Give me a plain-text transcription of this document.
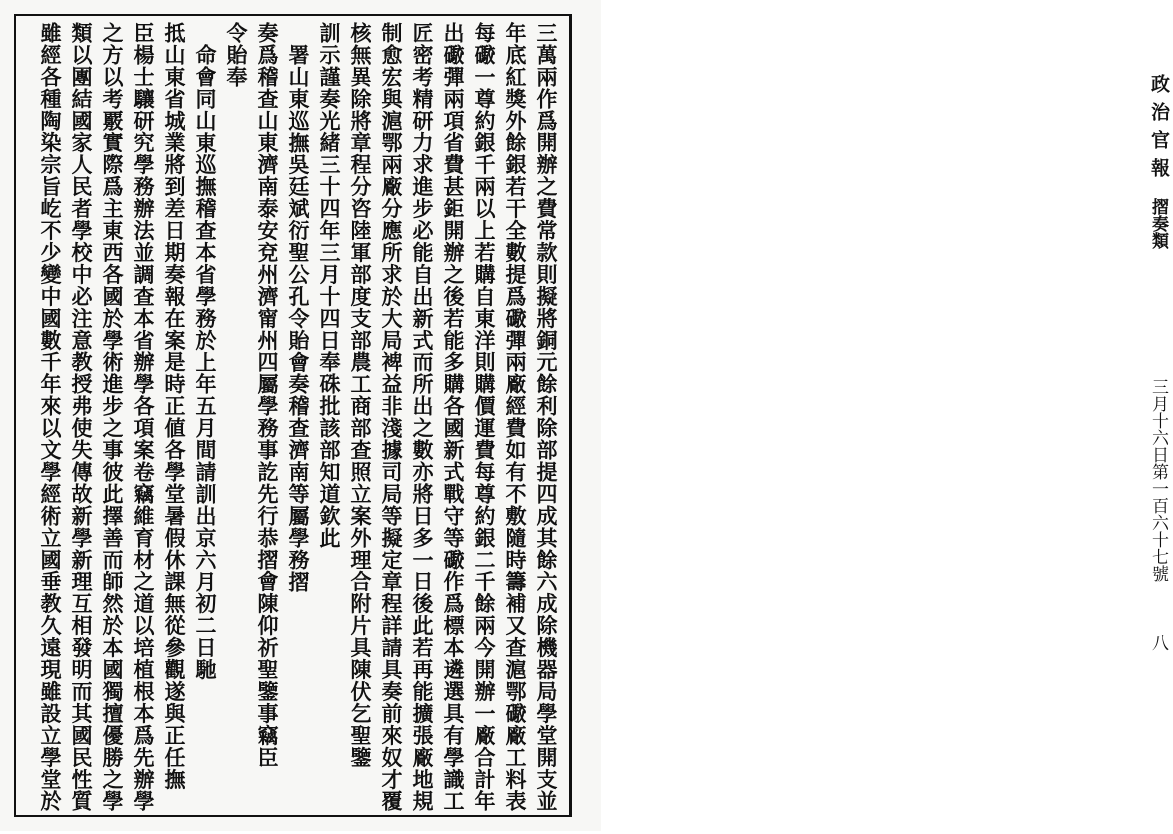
政治官報
摺奏類
三月十六日第一百六十七號
八
三萬兩作爲開辦之費常款則擬將銅元餘利除部提四成其餘六成除機器局學堂開支並
年底紅獎外餘銀若干全數提爲礮彈兩廠經費如有不敷隨時籌補又查滬鄂礮廠工料表
每礮一尊約銀千兩以上若購自東洋則購價運費每尊約銀二千餘兩今開辦一廠合計年
出礮彈兩項省費甚鉅開辦之後若能多購各國新式戰守等礮作爲標本遴選具有學識工
匠密考精研力求進步必能自出新式而所出之數亦將日多一日後此若再能擴張廠地規
制愈宏與滬鄂兩廠分應所求於大局裨益非淺據司局等擬定章程詳請具奏前來奴才覆
核無異除將章程分咨陸軍部度支部農工商部查照立案外理合附片具陳伏乞聖鑒
訓示謹奏光緒三十四年三月十四日奉硃批該部知道欽此
署山東巡撫吳廷斌衍聖公孔令貽會奏稽查濟南等屬學務摺
奏爲稽查山東濟南泰安兗州濟甯州四屬學務事訖先行恭摺會陳仰祈聖鑒事竊臣
令貽奉
命會同山東巡撫稽查本省學務於上年五月間請訓出京六月初二日馳
抵山東省城業將到差日期奏報在案是時正値各學堂暑假休課無從參觀遂與正任撫
臣楊士驤研究學務辦法並調查本省辦學各項案卷竊維育材之道以培植根本爲先辦學
之方以考覈實際爲主東西各國於學術進步之事彼此擇善而師然於本國獨擅優勝之學
類以團結國家人民者學校中必注意教授弗使失傳故新學新理互相發明而其國民性質
雖經各種陶染宗旨屹不少變中國數千年來以文學經術立國垂教久遠現雖設立學堂於
